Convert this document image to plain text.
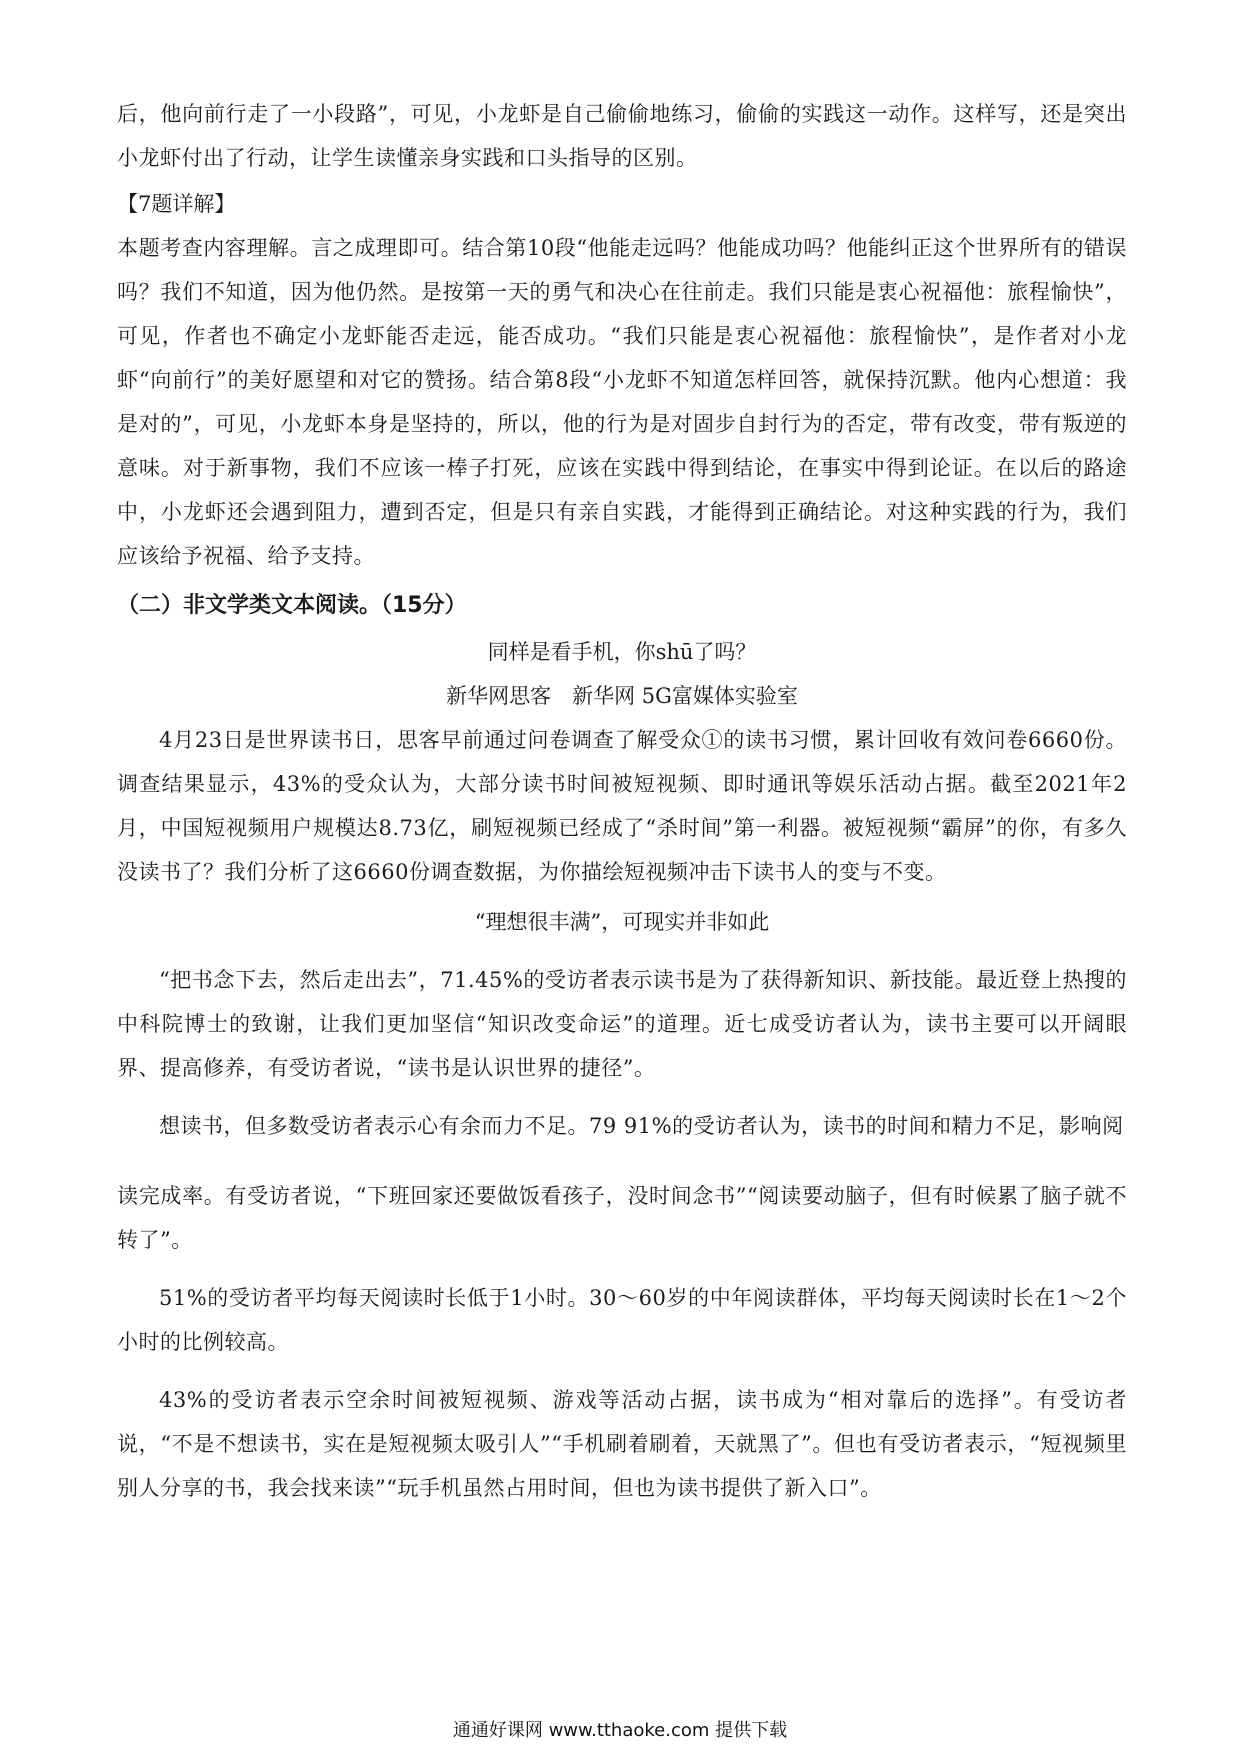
后，他向前行走了一小段路”，可见，小龙虾是自己偷偷地练习，偷偷的实践这一动作。这样写，还是突出小龙虾付出了行动，让学生读懂亲身实践和口头指导的区别。

【7题详解】

本题考查内容理解。言之成理即可。结合第10段“他能走远吗？他能成功吗？他能纠正这个世界所有的错误吗？我们不知道，因为他仍然。是按第一天的勇气和决心在往前走。我们只能是衷心祝福他：旅程愉快”，可见，作者也不确定小龙虾能否走远，能否成功。“我们只能是衷心祝福他：旅程愉快”，是作者对小龙虾“向前行”的美好愿望和对它的赞扬。结合第8段“小龙虾不知道怎样回答，就保持沉默。他内心想道：我是对的”，可见，小龙虾本身是坚持的，所以，他的行为是对固步自封行为的否定，带有改变，带有叛逆的意味。对于新事物，我们不应该一棒子打死，应该在实践中得到结论，在事实中得到论证。在以后的路途中，小龙虾还会遇到阻力，遭到否定，但是只有亲自实践，才能得到正确结论。对这种实践的行为，我们应该给予祝福、给予支持。

（二）非文学类文本阅读。（15分）

同样是看手机，你shū了吗？

新华网思客　新华网 5G富媒体实验室

4月23日是世界读书日，思客早前通过问卷调查了解受众①的读书习惯，累计回收有效问卷6660份。调查结果显示，43%的受众认为，大部分读书时间被短视频、即时通讯等娱乐活动占据。截至2021年2月，中国短视频用户规模达8.73亿，刷短视频已经成了“杀时间”第一利器。被短视频“霸屏”的你，有多久没读书了？我们分析了这6660份调查数据，为你描绘短视频冲击下读书人的变与不变。

“理想很丰满”，可现实并非如此

“把书念下去，然后走出去”，71.45%的受访者表示读书是为了获得新知识、新技能。最近登上热搜的中科院博士的致谢，让我们更加坚信“知识改变命运”的道理。近七成受访者认为，读书主要可以开阔眼界、提高修养，有受访者说，“读书是认识世界的捷径”。

想读书，但多数受访者表示心有余而力不足。79 91%的受访者认为，读书的时间和精力不足，影响阅

读完成率。有受访者说，“下班回家还要做饭看孩子，没时间念书”“阅读要动脑子，但有时候累了脑子就不转了”。

51%的受访者平均每天阅读时长低于1小时。30～60岁的中年阅读群体，平均每天阅读时长在1～2个小时的比例较高。

43%的受访者表示空余时间被短视频、游戏等活动占据，读书成为“相对靠后的选择”。有受访者说，“不是不想读书，实在是短视频太吸引人”“手机刷着刷着，天就黑了”。但也有受访者表示，“短视频里别人分享的书，我会找来读”“玩手机虽然占用时间，但也为读书提供了新入口”。

通通好课网 www.tthaoke.com 提供下载
